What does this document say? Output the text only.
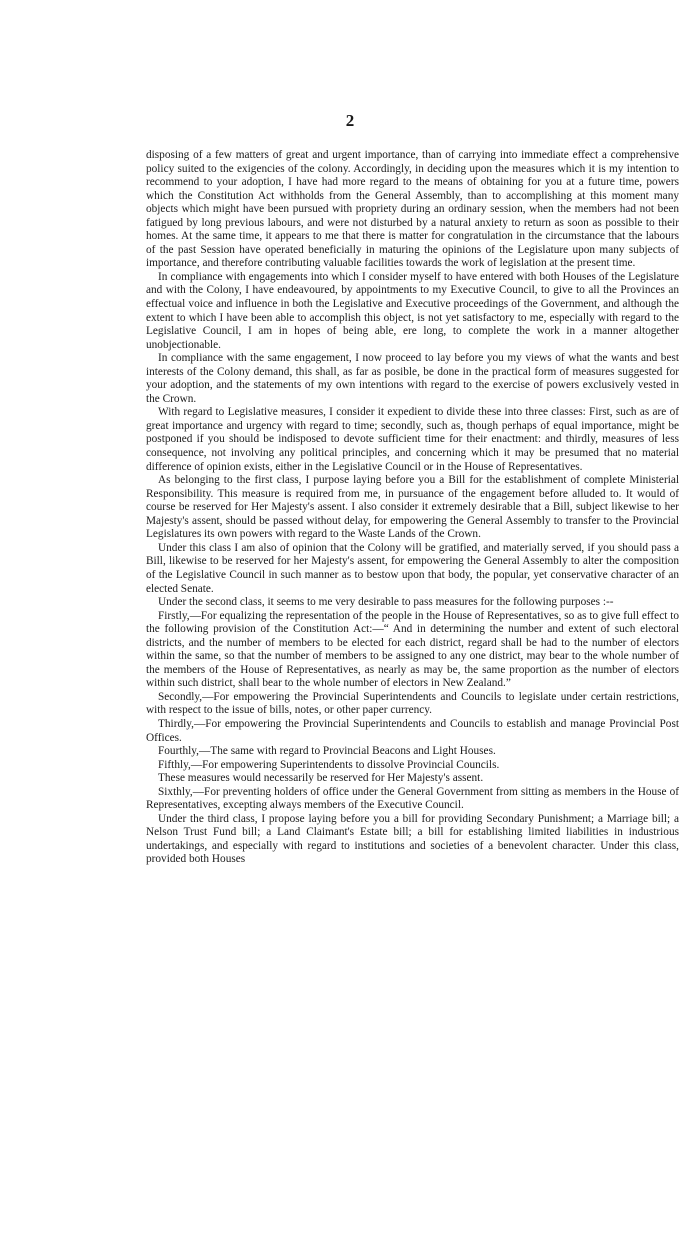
2

disposing of a few matters of great and urgent importance, than of carrying into immediate effect a comprehensive policy suited to the exigencies of the colony. Accordingly, in deciding upon the measures which it is my intention to recommend to your adoption, I have had more regard to the means of obtaining for you at a future time, powers which the Constitution Act withholds from the General Assembly, than to accomplishing at this moment many objects which might have been pursued with propriety during an ordinary session, when the members had not been fatigued by long previous labours, and were not disturbed by a natural anxiety to return as soon as possible to their homes. At the same time, it appears to me that there is matter for congratulation in the circumstance that the labours of the past Session have operated beneficially in maturing the opinions of the Legislature upon many subjects of importance, and therefore contributing valuable facilities towards the work of legislation at the present time.

In compliance with engagements into which I consider myself to have entered with both Houses of the Legislature and with the Colony, I have endeavoured, by appointments to my Executive Council, to give to all the Provinces an effectual voice and influence in both the Legislative and Executive proceedings of the Government, and although the extent to which I have been able to accomplish this object, is not yet satisfactory to me, especially with regard to the Legislative Council, I am in hopes of being able, ere long, to complete the work in a manner altogether unobjectionable.

In compliance with the same engagement, I now proceed to lay before you my views of what the wants and best interests of the Colony demand, this shall, as far as posible, be done in the practical form of measures suggested for your adoption, and the statements of my own intentions with regard to the exercise of powers exclusively vested in the Crown.

With regard to Legislative measures, I consider it expedient to divide these into three classes: First, such as are of great importance and urgency with regard to time; secondly, such as, though perhaps of equal importance, might be postponed if you should be indisposed to devote sufficient time for their enactment: and thirdly, measures of less consequence, not involving any political principles, and concerning which it may be presumed that no material difference of opinion exists, either in the Legislative Council or in the House of Representatives.

As belonging to the first class, I purpose laying before you a Bill for the establishment of complete Ministerial Responsibility. This measure is required from me, in pursuance of the engagement before alluded to. It would of course be reserved for Her Majesty's assent. I also consider it extremely desirable that a Bill, subject likewise to her Majesty's assent, should be passed without delay, for empowering the General Assembly to transfer to the Provincial Legislatures its own powers with regard to the Waste Lands of the Crown.

Under this class I am also of opinion that the Colony will be gratified, and materially served, if you should pass a Bill, likewise to be reserved for her Majesty's assent, for empowering the General Assembly to alter the composition of the Legislative Council in such manner as to bestow upon that body, the popular, yet conservative character of an elected Senate.

Under the second class, it seems to me very desirable to pass measures for the following purposes :--

Firstly,—For equalizing the representation of the people in the House of Representatives, so as to give full effect to the following provision of the Constitution Act:—“ And in determining the number and extent of such electoral districts, and the number of members to be elected for each district, regard shall be had to the number of electors within the same, so that the number of members to be assigned to any one district, may bear to the whole number of the members of the House of Representatives, as nearly as may be, the same proportion as the number of electors within such district, shall bear to the whole number of electors in New Zealand.”

Secondly,—For empowering the Provincial Superintendents and Councils to legislate under certain restrictions, with respect to the issue of bills, notes, or other paper currency.

Thirdly,—For empowering the Provincial Superintendents and Councils to establish and manage Provincial Post Offices.

Fourthly,—The same with regard to Provincial Beacons and Light Houses.

Fifthly,—For empowering Superintendents to dissolve Provincial Councils.

These measures would necessarily be reserved for Her Majesty's assent.

Sixthly,—For preventing holders of office under the General Government from sitting as members in the House of Representatives, excepting always members of the Executive Council.

Under the third class, I propose laying before you a bill for providing Secondary Punishment; a Marriage bill; a Nelson Trust Fund bill; a Land Claimant's Estate bill; a bill for establishing limited liabilities in industrious undertakings, and especially with regard to institutions and societies of a benevolent character. Under this class, provided both Houses
